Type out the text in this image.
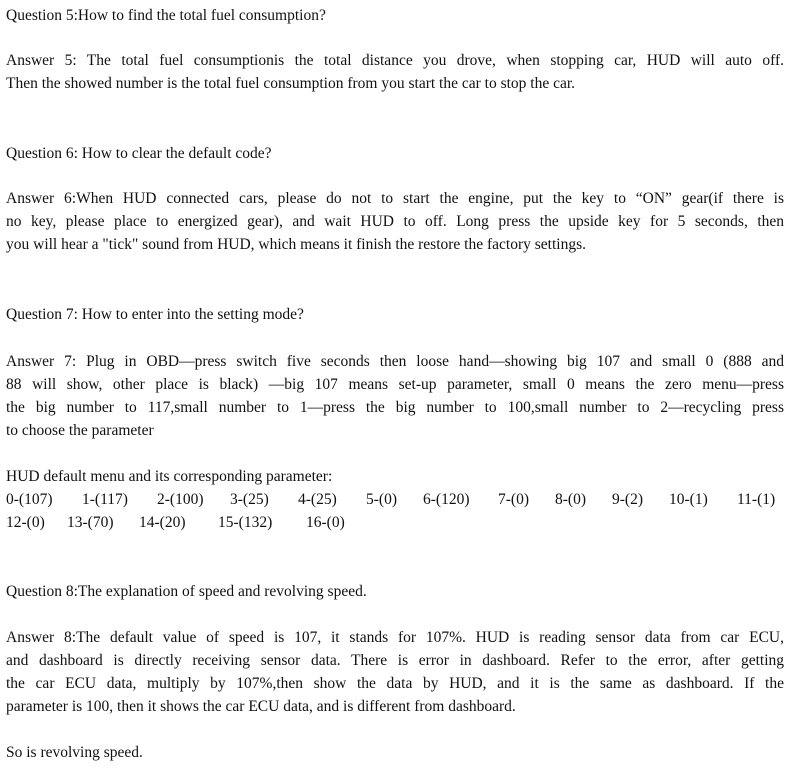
Question 5:How to find the total fuel consumption?
Answer 5: The total fuel consumptionis the total distance you drove, when stopping car, HUD will auto off.
Then the showed number is the total fuel consumption from you start the car to stop the car.
Question 6: How to clear the default code?
Answer 6:When HUD connected cars, please do not to start the engine, put the key to “ON” gear(if there is
no key, please place to energized gear), and wait HUD to off. Long press the upside key for 5 seconds, then
you will hear a "tick" sound from HUD, which means it finish the restore the factory settings.
Question 7: How to enter into the setting mode?
Answer 7: Plug in OBD—press switch five seconds then loose hand—showing big 107 and small 0 (888 and
88 will show, other place is black) —big 107 means set-up parameter, small 0 means the zero menu—press
the big number to 117,small number to 1—press the big number to 100,small number to 2—recycling press
to choose the parameter
HUD default menu and its corresponding parameter:
0-(107) 1-(117) 2-(100) 3-(25) 4-(25) 5-(0) 6-(120) 7-(0) 8-(0) 9-(2) 10-(1) 11-(1)
12-(0) 13-(70) 14-(20) 15-(132) 16-(0)
Question 8:The explanation of speed and revolving speed.
Answer 8:The default value of speed is 107, it stands for 107%. HUD is reading sensor data from car ECU,
and dashboard is directly receiving sensor data. There is error in dashboard. Refer to the error, after getting
the car ECU data, multiply by 107%,then show the data by HUD, and it is the same as dashboard. If the
parameter is 100, then it shows the car ECU data, and is different from dashboard.
So is revolving speed.
